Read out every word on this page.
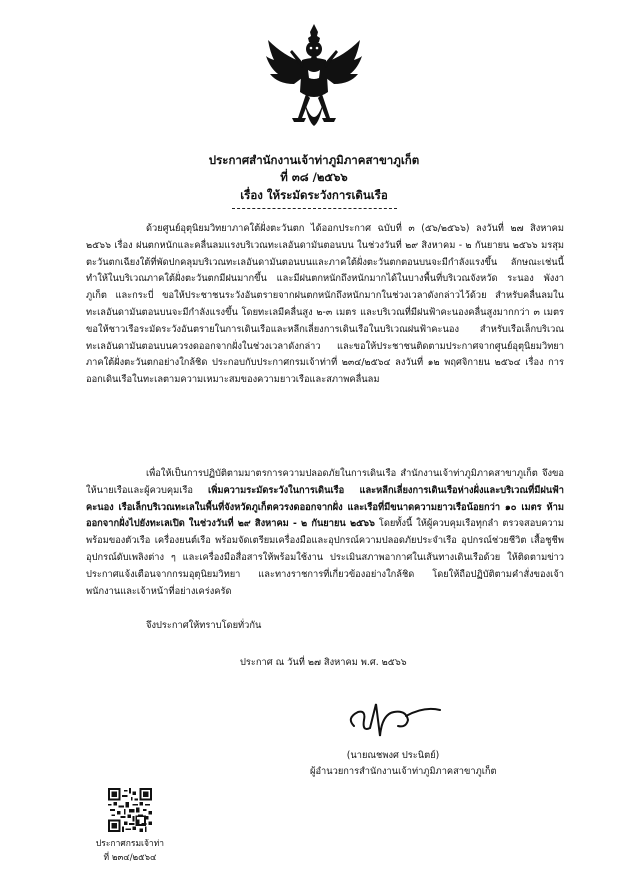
ประกาศสำนักงานเจ้าท่าภูมิภาคสาขาภูเก็ต
ที่ ๓๘ /๒๕๖๖
เรื่อง ให้ระมัดระวังการเดินเรือ
ด้วยศูนย์อุตุนิยมวิทยาภาคใต้ฝั่งตะวันตก ได้ออกประกาศ ฉบับที่ ๓ (๕๖/๒๕๖๖) ลงวันที่ ๒๗ สิงหาคม ๒๕๖๖ เรื่อง ฝนตกหนักและคลื่นลมแรงบริเวณทะเลอันดามันตอนบน ในช่วงวันที่ ๒๙ สิงหาคม - ๒ กันยายน ๒๕๖๖ มรสุมตะวันตกเฉียงใต้ที่พัดปกคลุมบริเวณทะเลอันดามันตอนบนและภาคใต้ฝั่งตะวันตกตอนบนจะมีกำลังแรงขึ้น ลักษณะเช่นนี้ทำให้ในบริเวณภาคใต้ฝั่งตะวันตกมีฝนมากขึ้น และมีฝนตกหนักถึงหนักมากได้ในบางพื้นที่บริเวณจังหวัด ระนอง พังงา ภูเก็ต และกระบี่ ขอให้ประชาชนระวังอันตรายจากฝนตกหนักถึงหนักมากในช่วงเวลาดังกล่าวไว้ด้วย สำหรับคลื่นลมในทะเลอันดามันตอนบนจะมีกำลังแรงขึ้น โดยทะเลมีคลื่นสูง ๒-๓ เมตร และบริเวณที่มีฝนฟ้าคะนองคลื่นสูงมากกว่า ๓ เมตร ขอให้ชาวเรือระมัดระวังอันตรายในการเดินเรือและหลีกเลี่ยงการเดินเรือในบริเวณฝนฟ้าคะนอง สำหรับเรือเล็กบริเวณทะเลอันดามันตอนบนควรงดออกจากฝั่งในช่วงเวลาดังกล่าว และขอให้ประชาชนติดตามประกาศจากศูนย์อุตุนิยมวิทยาภาคใต้ฝั่งตะวันตกอย่างใกล้ชิด ประกอบกับประกาศกรมเจ้าท่าที่ ๒๓๔/๒๕๖๔ ลงวันที่ ๑๒ พฤศจิกายน ๒๕๖๔ เรื่อง การออกเดินเรือในทะเลตามความเหมาะสมของความยาวเรือและสภาพคลื่นลม
เพื่อให้เป็นการปฏิบัติตามมาตรการความปลอดภัยในการเดินเรือ สำนักงานเจ้าท่าภูมิภาคสาขาภูเก็ต จึงขอให้นายเรือและผู้ควบคุมเรือ เพิ่มความระมัดระวังในการเดินเรือ และหลีกเลี่ยงการเดินเรือห่างฝั่งและบริเวณที่มีฝนฟ้าคะนอง เรือเล็กบริเวณทะเลในพื้นที่จังหวัดภูเก็ตควรงดออกจากฝั่ง และเรือที่มีขนาดความยาวเรือน้อยกว่า ๑๐ เมตร ห้ามออกจากฝั่งไปยังทะเลเปิด ในช่วงวันที่ ๒๙ สิงหาคม - ๒ กันยายน ๒๕๖๖ โดยทั้งนี้ ให้ผู้ควบคุมเรือทุกลำ ตรวจสอบความพร้อมของตัวเรือ เครื่องยนต์เรือ พร้อมจัดเตรียมเครื่องมือและอุปกรณ์ความปลอดภัยประจำเรือ อุปกรณ์ช่วยชีวิต เสื้อชูชีพ อุปกรณ์ดับเพลิงต่าง ๆ และเครื่องมือสื่อสารให้พร้อมใช้งาน ประเมินสภาพอากาศในเส้นทางเดินเรือด้วย ให้ติดตามข่าวประกาศแจ้งเตือนจากกรมอุตุนิยมวิทยา และทางราชการที่เกี่ยวข้องอย่างใกล้ชิด โดยให้ถือปฏิบัติตามคำสั่งของเจ้าพนักงานและเจ้าหน้าที่อย่างเคร่งครัด
จึงประกาศให้ทราบโดยทั่วกัน
ประกาศ ณ วันที่ ๒๗ สิงหาคม พ.ศ. ๒๕๖๖
(นายณชพงศ ประนิตย์)
ผู้อำนวยการสำนักงานเจ้าท่าภูมิภาคสาขาภูเก็ต
ประกาศกรมเจ้าท่า
ที่ ๒๓๔/๒๕๖๔
